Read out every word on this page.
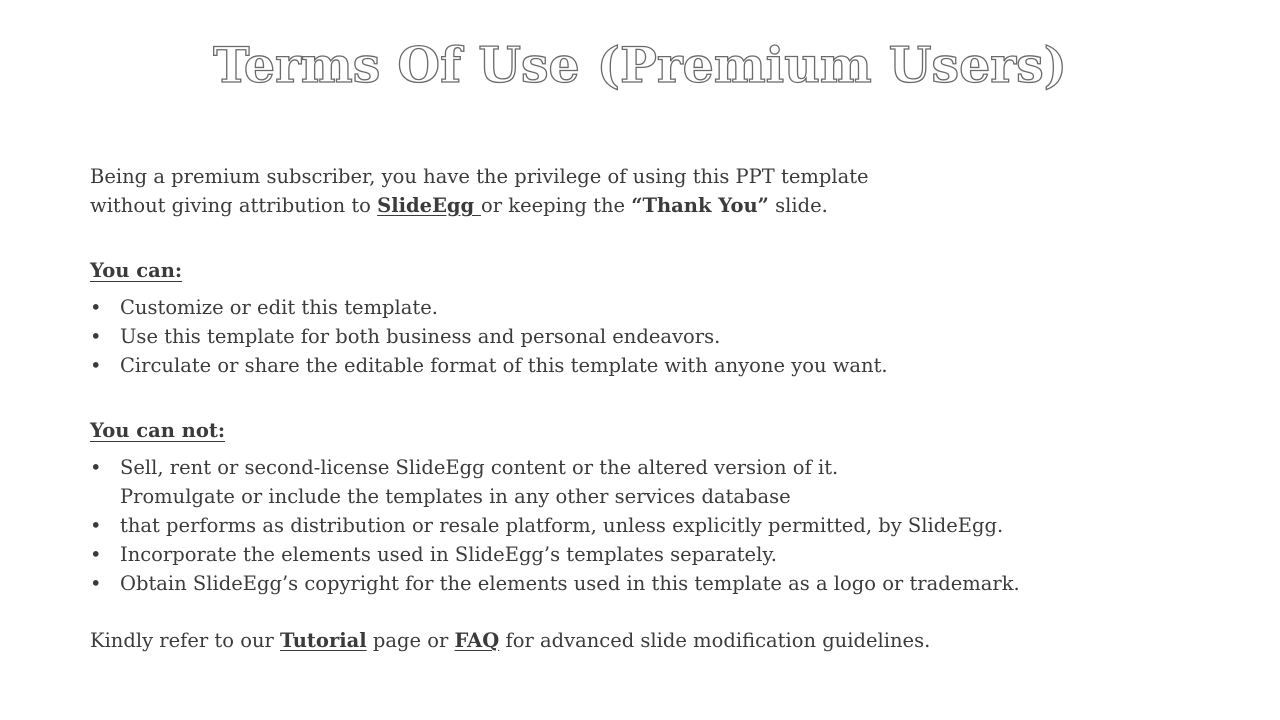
Terms Of Use (Premium Users)

Being a premium subscriber, you have the privilege of using this PPT template
without giving attribution to SlideEgg or keeping the “Thank You” slide.

You can:

• Customize or edit this template.
• Use this template for both business and personal endeavors.
• Circulate or share the editable format of this template with anyone you want.

You can not:

• Sell, rent or second-license SlideEgg content or the altered version of it.
Promulgate or include the templates in any other services database
• that performs as distribution or resale platform, unless explicitly permitted, by SlideEgg.
• Incorporate the elements used in SlideEgg’s templates separately.
• Obtain SlideEgg’s copyright for the elements used in this template as a logo or trademark.

Kindly refer to our Tutorial page or FAQ for advanced slide modification guidelines.
